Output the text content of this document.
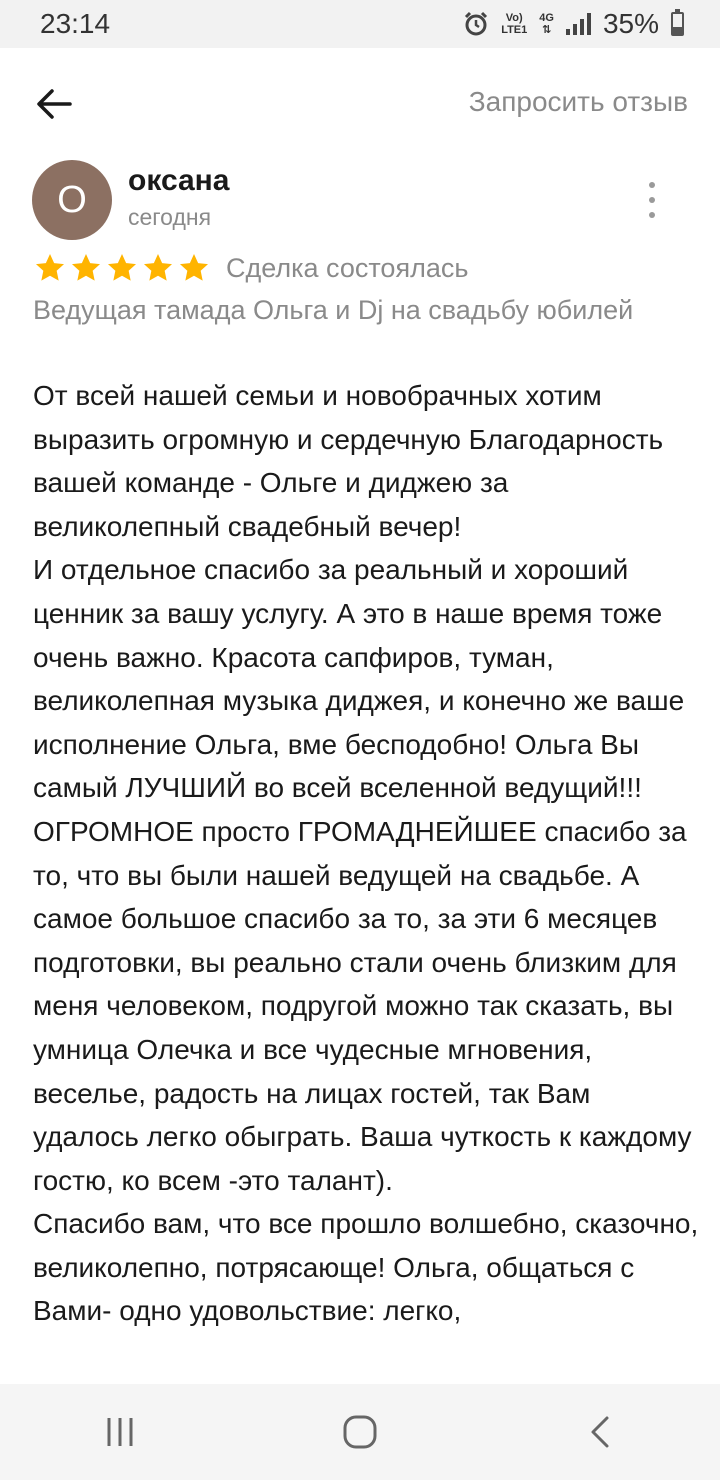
23:14	Vo)
LTE1
4G
⇅ 35%
Запросить отзыв
О оксана
сегодня
Сделка состоялась
Ведущая тамада Ольга и Dj на свадьбу юбилей
От всей нашей семьи и новобрачных хотим выразить огромную и сердечную Благодарность вашей команде - Ольге и диджею за великолепный свадебный вечер!
И отдельное спасибо за реальный и хороший ценник за вашу услугу. А это в наше время тоже очень важно. Красота сапфиров, туман, великолепная музыка диджея, и конечно же ваше исполнение Ольга, вме бесподобно! Ольга Вы самый ЛУЧШИЙ во всей вселенной ведущий!!! ОГРОМНОЕ просто ГРОМАДНЕЙШЕЕ спасибо за то, что вы были нашей ведущей на свадьбе. А самое большое спасибо за то, за эти 6 месяцев подготовки, вы реально стали очень близким для меня человеком, подругой можно так сказать, вы умница Олечка и все чудесные мгновения, веселье, радость на лицах гостей, так Вам удалось легко обыграть. Ваша чуткость к каждому гостю, ко всем -это талант).
Спасибо вам, что все прошло волшебно, сказочно, великолепно, потрясающе! Ольга, общаться с Вами- одно удовольствие: легко,
